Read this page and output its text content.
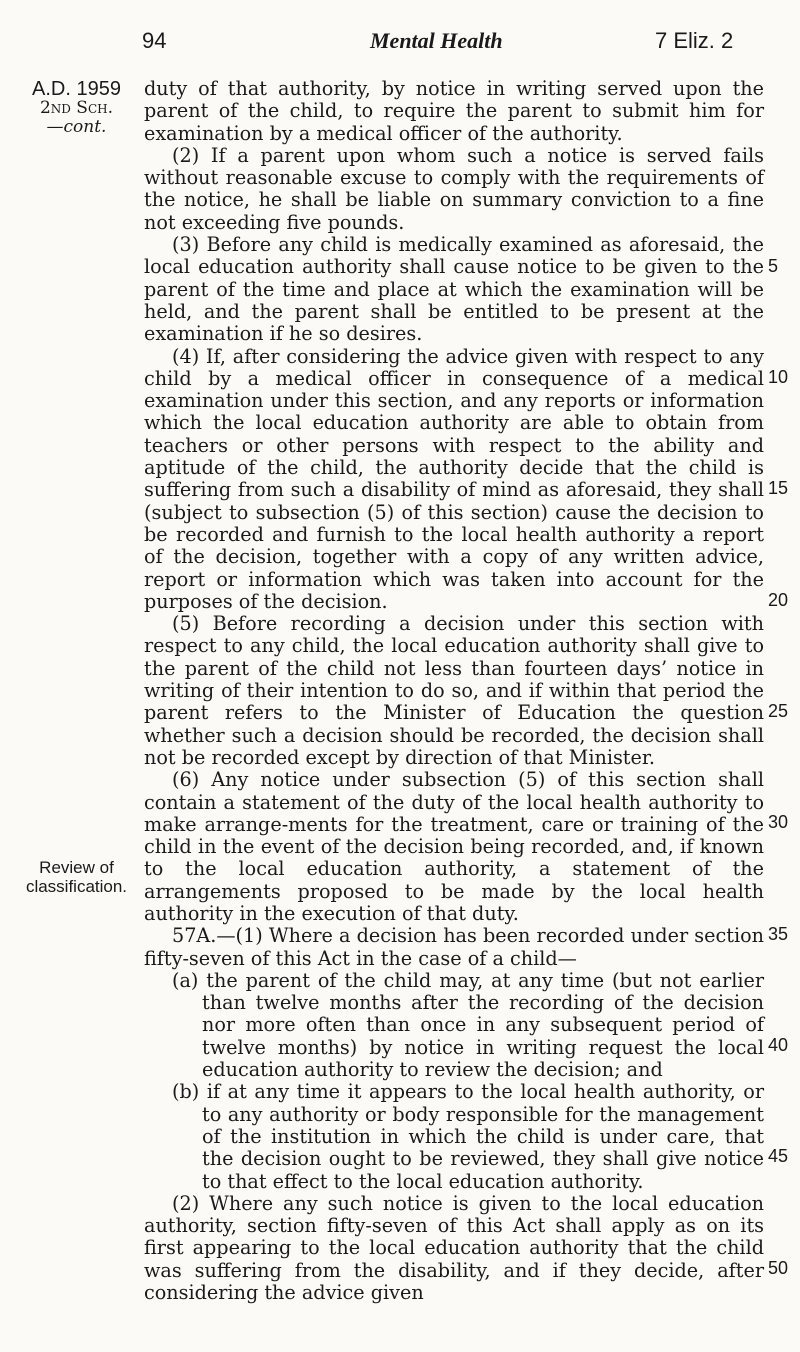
94	Mental Health	7 Eliz. 2
A.D. 1959
2nd Sch.
—cont.
Review of classification.

duty of that authority, by notice in writing served upon the parent of the child, to require the parent to submit him for examination by a medical officer of the authority.

(2) If a parent upon whom such a notice is served fails without reasonable excuse to comply with the requirements of the notice, he shall be liable on summary conviction to a fine not exceeding five pounds.

(3) Before any child is medically examined as aforesaid, the local education authority shall cause notice to be given to the parent of the time and place at which the examination will be held, and the parent shall be entitled to be present at the examination if he so desires.

(4) If, after considering the advice given with respect to any child by a medical officer in consequence of a medical examination under this section, and any reports or information which the local education authority are able to obtain from teachers or other persons with respect to the ability and aptitude of the child, the authority decide that the child is suffering from such a disability of mind as aforesaid, they shall (subject to subsection (5) of this section) cause the decision to be recorded and furnish to the local health authority a report of the decision, together with a copy of any written advice, report or information which was taken into account for the purposes of the decision.

(5) Before recording a decision under this section with respect to any child, the local education authority shall give to the parent of the child not less than fourteen days’ notice in writing of their intention to do so, and if within that period the parent refers to the Minister of Education the question whether such a decision should be recorded, the decision shall not be recorded except by direction of that Minister.

(6) Any notice under subsection (5) of this section shall contain a statement of the duty of the local health authority to make arrange-ments for the treatment, care or training of the child in the event of the decision being recorded, and, if known to the local education authority, a statement of the arrangements proposed to be made by the local health authority in the execution of that duty.

57A.—(1) Where a decision has been recorded under section fifty-seven of this Act in the case of a child—

(a) the parent of the child may, at any time (but not earlier than twelve months after the recording of the decision nor more often than once in any subsequent period of twelve months) by notice in writing request the local education authority to review the decision; and

(b) if at any time it appears to the local health authority, or to any authority or body responsible for the management of the institution in which the child is under care, that the decision ought to be reviewed, they shall give notice to that effect to the local education authority.

(2) Where any such notice is given to the local education authority, section fifty-seven of this Act shall apply as on its first appearing to the local education authority that the child was suffering from the disability, and if they decide, after considering the advice given

5
10
15
20
25
30
35
40
45
50
